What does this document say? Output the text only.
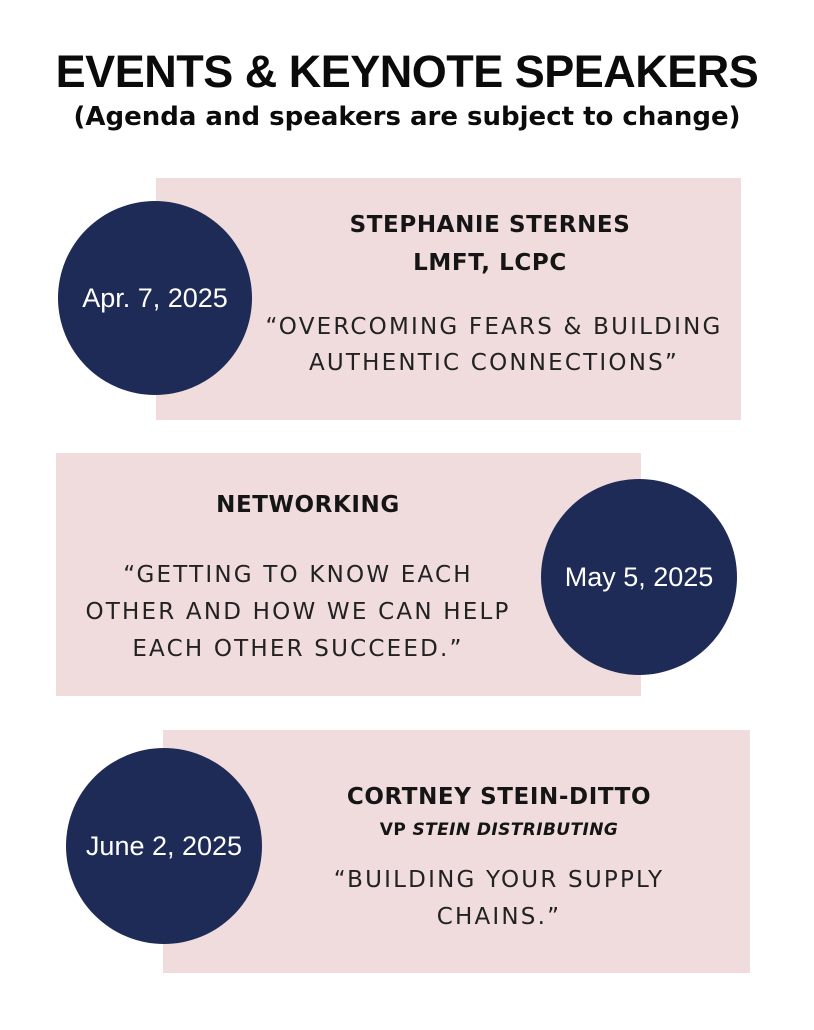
EVENTS & KEYNOTE SPEAKERS
(Agenda and speakers are subject to change)
Apr. 7, 2025
STEPHANIE STERNES
LMFT, LCPC
“OVERCOMING FEARS & BUILDING
AUTHENTIC CONNECTIONS”
May 5, 2025
NETWORKING
“GETTING TO KNOW EACH
OTHER AND HOW WE CAN HELP
EACH OTHER SUCCEED.”
June 2, 2025
CORTNEY STEIN-DITTO
VP STEIN DISTRIBUTING
“BUILDING YOUR SUPPLY
CHAINS.”
